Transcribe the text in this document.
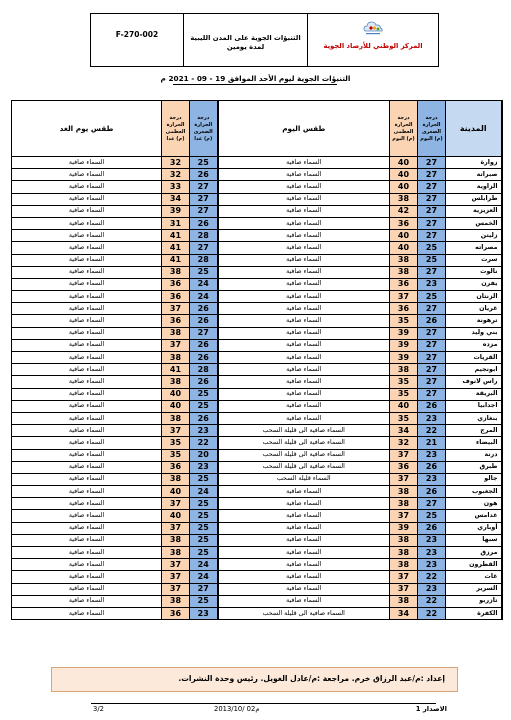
F-270-002	التنبؤات الجوية على المدن الليبية
لمدة يومين	المركز الوطني للأرصاد الجوية
التنبؤات الجوية ليوم الأحد الموافق 19 - 09 - 2021 م
المدينة	درجة الحرارة الصغرى (م) اليوم	درجة الحرارة العظمى (م) اليوم	طقس اليوم	درجة الحرارة الصغرى (م) غدا	درجة الحرارة العظمى (م) غدا	طقس يوم الغد
زوارة	27	40	السماء صافية	25	32	السماء صافية
صبراتة	27	40	السماء صافية	26	32	السماء صافية
الزاوية	27	40	السماء صافية	27	33	السماء صافية
طرابلس	27	38	السماء صافية	27	34	السماء صافية
العزيزية	27	42	السماء صافية	27	39	السماء صافية
الخمس	27	36	السماء صافية	26	31	السماء صافية
زليتن	27	40	السماء صافية	28	41	السماء صافية
مصراته	25	40	السماء صافية	27	41	السماء صافية
سرت	25	38	السماء صافية	28	41	السماء صافية
نالوت	27	38	السماء صافية	25	38	السماء صافية
يفرن	23	36	السماء صافية	24	36	السماء صافية
الزنتان	25	37	السماء صافية	24	36	السماء صافية
غريان	27	36	السماء صافية	26	37	السماء صافية
ترهونة	26	35	السماء صافية	26	36	السماء صافية
بني وليد	27	39	السماء صافية	27	38	السماء صافية
مزده	27	39	السماء صافية	26	37	السماء صافية
القريات	27	39	السماء صافية	26	38	السماء صافية
ابونجيم	27	38	السماء صافية	28	41	السماء صافية
راس لانوف	27	35	السماء صافية	26	38	السماء صافية
البريقة	27	35	السماء صافية	25	40	السماء صافية
اجدابيا	26	40	السماء صافية	25	40	السماء صافية
بنغازي	23	35	السماء صافية	26	38	السماء صافية
المرج	22	34	السماء صافية الى قليلة السحب	23	37	السماء صافية
البيضاء	21	32	السماء صافية الى قليلة السحب	22	35	السماء صافية
درنة	23	37	السماء صافية الى قليلة السحب	20	35	السماء صافية
طبرق	26	36	السماء صافية الى قليلة السحب	23	36	السماء صافية
جالو	23	37	السماء قليلة السحب	25	38	السماء صافية
الجغبوب	26	38	السماء صافية	24	40	السماء صافية
هون	27	38	السماء صافية	25	37	السماء صافية
غدامس	25	37	السماء صافية	25	40	السماء صافية
أوباري	26	39	السماء صافية	25	37	السماء صافية
سبها	23	38	السماء صافية	25	38	السماء صافية
مرزق	23	38	السماء صافية	25	38	السماء صافية
القطرون	23	38	السماء صافية	24	37	السماء صافية
غات	22	37	السماء صافية	24	37	السماء صافية
السرير	23	37	السماء صافية	27	37	السماء صافية
تازربو	22	38	السماء صافية	25	38	السماء صافية
الكفرة	22	34	السماء صافية الى قليلة السحب	23	36	السماء صافية
إعداد :م/عبد الرزاق خرم. مراجعة :م/عادل الغويل. رئيس وحدة النشرات.
الاصدار 1
2013/10/ 02م
3/2
